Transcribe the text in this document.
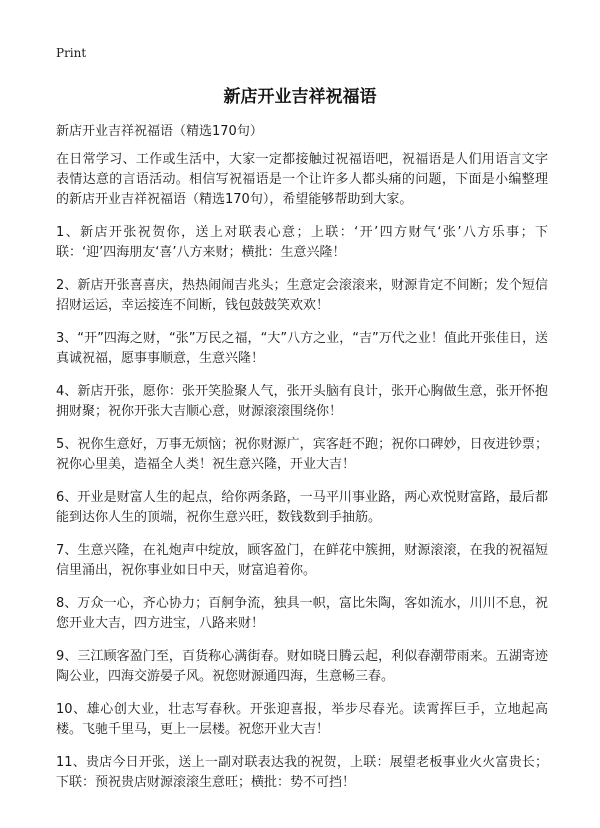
Print
新店开业吉祥祝福语

新店开业吉祥祝福语（精选170句）

在日常学习、工作或生活中，大家一定都接触过祝福语吧，祝福语是人们用语言文字表情达意的言语活动。相信写祝福语是一个让许多人都头痛的问题，下面是小编整理的新店开业吉祥祝福语（精选170句），希望能够帮助到大家。

1、新店开张祝贺你，送上对联表心意；上联：‘开’四方财气‘张’八方乐事；下联：‘迎’四海朋友‘喜’八方来财；横批：生意兴隆！

2、新店开张喜喜庆，热热闹闹吉兆头；生意定会滚滚来，财源肯定不间断；发个短信招财运运，幸运接连不间断，钱包鼓鼓笑欢欢！

3、“开”四海之财，“张”万民之福，“大”八方之业，“吉”万代之业！值此开张佳日，送真诚祝福，愿事事顺意，生意兴隆！

4、新店开张，愿你：张开笑脸聚人气，张开头脑有良计，张开心胸做生意，张开怀抱拥财聚；祝你开张大吉顺心意，财源滚滚围绕你！

5、祝你生意好，万事无烦恼；祝你财源广，宾客赶不跑；祝你口碑妙，日夜进钞票；祝你心里美，造福全人类！祝生意兴隆，开业大吉！

6、开业是财富人生的起点，给你两条路，一马平川事业路，两心欢悦财富路，最后都能到达你人生的顶端，祝你生意兴旺，数钱数到手抽筋。

7、生意兴隆，在礼炮声中绽放，顾客盈门，在鲜花中簇拥，财源滚滚，在我的祝福短信里涌出，祝你事业如日中天，财富追着你。

8、万众一心，齐心协力；百舸争流，独具一帜，富比朱陶，客如流水，川川不息，祝您开业大吉，四方进宝，八路来财！

9、三江顾客盈门至，百货称心满街春。财如晓日腾云起，利似春潮带雨来。五湖寄迹陶公业，四海交游晏子风。祝您财源通四海，生意畅三春。

10、雄心创大业，壮志写春秋。开张迎喜报，举步尽春光。读霄挥巨手，立地起高楼。飞驰千里马，更上一层楼。祝您开业大吉！

11、贵店今日开张，送上一副对联表达我的祝贺，上联：展望老板事业火火富贵长；下联：预祝贵店财源滚滚生意旺；横批：势不可挡！
